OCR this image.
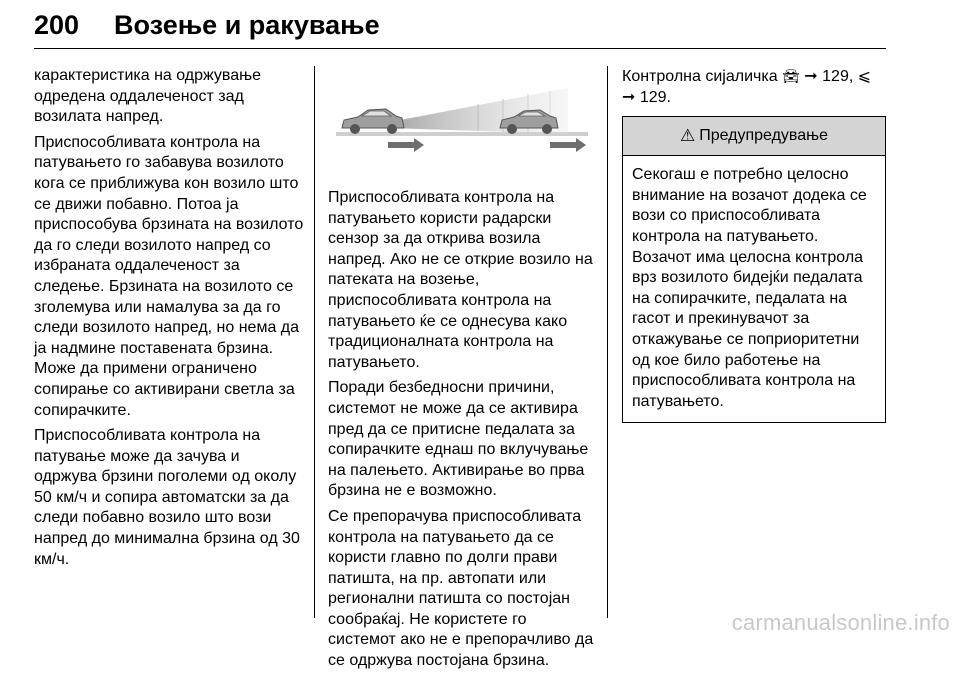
200 Возење и ракување

карактеристика на одржување одредена оддалеченост зад возилата напред.

Приспособливата контрола на патувањето го забавува возилото кога се приближува кон возило што се движи побавно. Потоа ја приспособува брзината на возилото да го следи возилото напред со избраната оддалеченост за следење. Брзината на возилото се зголемува или намалува за да го следи возилото напред, но нема да ја надмине поставената брзина. Може да примени ограничено сопирање со активирани светла за сопирачките.

Приспособливата контрола на патување може да зачува и одржува брзини поголеми од околу 50 км/ч и сопира автоматски за да следи побавно возило што вози напред до минимална брзина од 30 км/ч.

Приспособливата контрола на патувањето користи радарски сензор за да открива возила напред. Ако не се открие возило на патеката на возење, приспособливата контрола на патувањето ќе се однесува како традиционалната контрола на патувањето.

Поради безбедносни причини, системот не може да се активира пред да се притисне педалата за сопирачките еднаш по вклучување на палењето. Активирање во прва брзина не е возможно.

Се препорачува приспособливата контрола на патувањето да се користи главно по долги прави патишта, на пр. автопати или регионални патишта со постојан сообраќај. Не користете го системот ако не е препорачливо да се одржува постојана брзина.

Контролна сијаличка 🚘︎ ➞ 129, ⩽
➞ 129.

⚠︎ Предупредување
Секогаш е потребно целосно внимание на возачот додека се вози со приспособливата контрола на патувањето. Возачот има целосна контрола врз возилото бидејќи педалата на сопирачките, педалата на гасот и прекинувачот за откажување се поприоритетни од кое било работење на приспособливата контрола на патувањето.
carmanualsonline.info
